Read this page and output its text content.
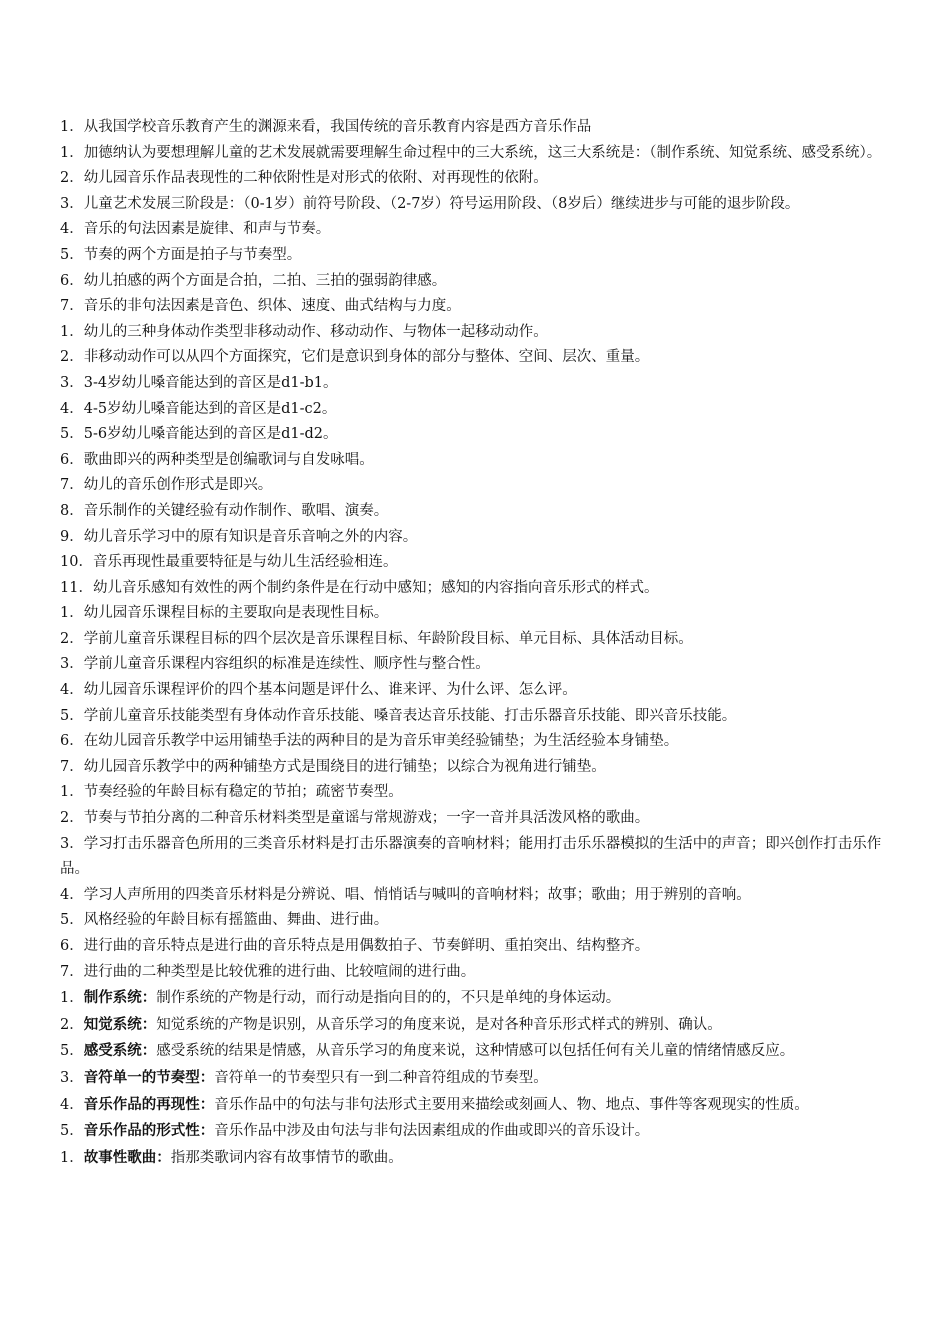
1．从我国学校音乐教育产生的渊源来看，我国传统的音乐教育内容是西方音乐作品

1．加德纳认为要想理解儿童的艺术发展就需要理解生命过程中的三大系统，这三大系统是：（制作系统、知觉系统、感受系统）。

2．幼儿园音乐作品表现性的二种依附性是对形式的依附、对再现性的依附。

3．儿童艺术发展三阶段是：（0-1岁）前符号阶段、（2-7岁）符号运用阶段、（8岁后）继续进步与可能的退步阶段。

4．音乐的句法因素是旋律、和声与节奏。

5．节奏的两个方面是拍子与节奏型。

6．幼儿拍感的两个方面是合拍，二拍、三拍的强弱韵律感。

7．音乐的非句法因素是音色、织体、速度、曲式结构与力度。

1．幼儿的三种身体动作类型非移动动作、移动动作、与物体一起移动动作。

2．非移动动作可以从四个方面探究，它们是意识到身体的部分与整体、空间、层次、重量。

3．3-4岁幼儿嗓音能达到的音区是d1-b1。

4．4-5岁幼儿嗓音能达到的音区是d1-c2。

5．5-6岁幼儿嗓音能达到的音区是d1-d2。

6．歌曲即兴的两种类型是创编歌词与自发咏唱。

7．幼儿的音乐创作形式是即兴。

8．音乐制作的关键经验有动作制作、歌唱、演奏。

9．幼儿音乐学习中的原有知识是音乐音响之外的内容。

10．音乐再现性最重要特征是与幼儿生活经验相连。

11．幼儿音乐感知有效性的两个制约条件是在行动中感知；感知的内容指向音乐形式的样式。

1．幼儿园音乐课程目标的主要取向是表现性目标。

2．学前儿童音乐课程目标的四个层次是音乐课程目标、年龄阶段目标、单元目标、具体活动目标。

3．学前儿童音乐课程内容组织的标准是连续性、顺序性与整合性。

4．幼儿园音乐课程评价的四个基本问题是评什么、谁来评、为什么评、怎么评。

5．学前儿童音乐技能类型有身体动作音乐技能、嗓音表达音乐技能、打击乐器音乐技能、即兴音乐技能。

6．在幼儿园音乐教学中运用铺垫手法的两种目的是为音乐审美经验铺垫；为生活经验本身铺垫。

7．幼儿园音乐教学中的两种铺垫方式是围绕目的进行铺垫；以综合为视角进行铺垫。

1．节奏经验的年龄目标有稳定的节拍；疏密节奏型。

2．节奏与节拍分离的二种音乐材料类型是童谣与常规游戏；一字一音并具活泼风格的歌曲。

3．学习打击乐器音色所用的三类音乐材料是打击乐器演奏的音响材料；能用打击乐乐器模拟的生活中的声音；即兴创作打击乐作品。

4．学习人声所用的四类音乐材料是分辨说、唱、悄悄话与喊叫的音响材料；故事；歌曲；用于辨别的音响。

5．风格经验的年龄目标有摇篮曲、舞曲、进行曲。

6．进行曲的音乐特点是进行曲的音乐特点是用偶数拍子、节奏鲜明、重拍突出、结构整齐。

7．进行曲的二种类型是比较优雅的进行曲、比较喧闹的进行曲。

1．制作系统：制作系统的产物是行动，而行动是指向目的的，不只是单纯的身体运动。

2．知觉系统：知觉系统的产物是识别，从音乐学习的角度来说，是对各种音乐形式样式的辨别、确认。

5．感受系统：感受系统的结果是情感，从音乐学习的角度来说，这种情感可以包括任何有关儿童的情绪情感反应。

3．音符单一的节奏型：音符单一的节奏型只有一到二种音符组成的节奏型。

4．音乐作品的再现性：音乐作品中的句法与非句法形式主要用来描绘或刻画人、物、地点、事件等客观现实的性质。

5．音乐作品的形式性：音乐作品中涉及由句法与非句法因素组成的作曲或即兴的音乐设计。

1．故事性歌曲：指那类歌词内容有故事情节的歌曲。
